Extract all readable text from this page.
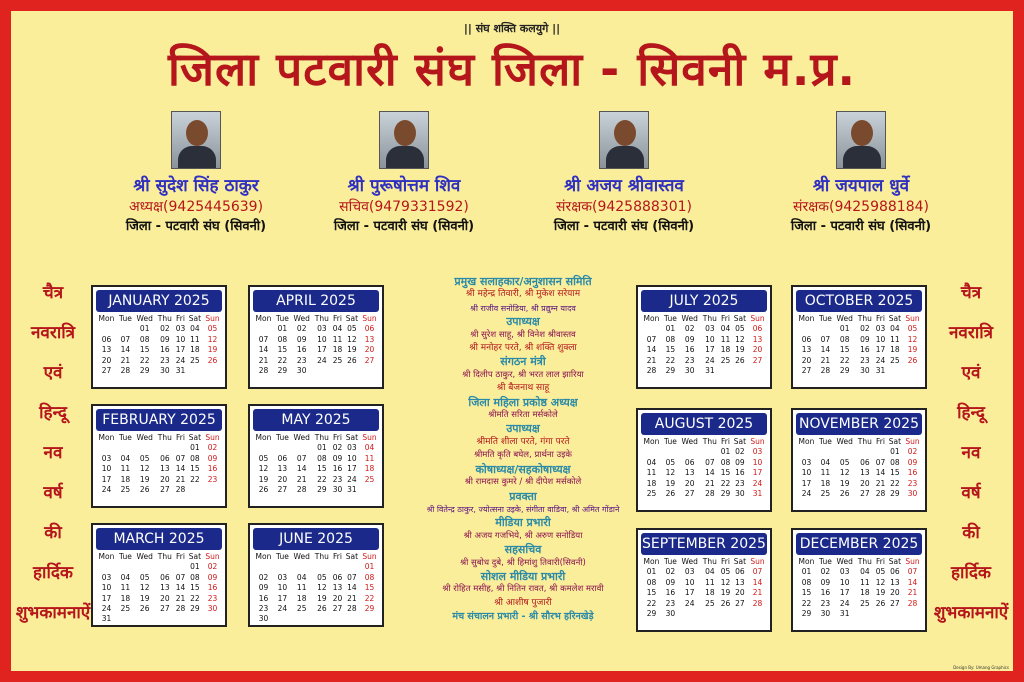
|| संघ शक्ति कलयुगे ||
जिला पटवारी संघ जिला - सिवनी म.प्र.
श्री सुदेश सिंह ठाकुर
अध्यक्ष(9425445639)
जिला - पटवारी संघ (सिवनी)
श्री पुरूषोत्तम शिव
सचिव(9479331592)
जिला - पटवारी संघ (सिवनी)
श्री अजय श्रीवास्तव
संरक्षक(9425888301)
जिला - पटवारी संघ (सिवनी)
श्री जयपाल धुर्वे
संरक्षक(9425988184)
जिला - पटवारी संघ (सिवनी)
चैत्र
नवरात्रि
एवं
हिन्दू
नव
वर्ष
की
हार्दिक
शुभकामनाऐं
चैत्र
नवरात्रि
एवं
हिन्दू
नव
वर्ष
की
हार्दिक
शुभकामनाऐं
JANUARY 2025
Mon	Tue	Wed	Thu	Fri	Sat	Sun
		01	02	03	04	05
06	07	08	09	10	11	12
13	14	15	16	17	18	19
20	21	22	23	24	25	26
27	28	29	30	31		
FEBRUARY 2025
Mon	Tue	Wed	Thu	Fri	Sat	Sun
					01	02
03	04	05	06	07	08	09
10	11	12	13	14	15	16
17	18	19	20	21	22	23
24	25	26	27	28		
MARCH 2025
Mon	Tue	Wed	Thu	Fri	Sat	Sun
					01	02
03	04	05	06	07	08	09
10	11	12	13	14	15	16
17	18	19	20	21	22	23
24	25	26	27	28	29	30
31						
APRIL 2025
Mon	Tue	Wed	Thu	Fri	Sat	Sun
	01	02	03	04	05	06
07	08	09	10	11	12	13
14	15	16	17	18	19	20
21	22	23	24	25	26	27
28	29	30				
MAY 2025
Mon	Tue	Wed	Thu	Fri	Sat	Sun
			01	02	03	04
05	06	07	08	09	10	11
12	13	14	15	16	17	18
19	20	21	22	23	24	25
26	27	28	29	30	31	
JUNE 2025
Mon	Tue	Wed	Thu	Fri	Sat	Sun
						01
02	03	04	05	06	07	08
09	10	11	12	13	14	15
16	17	18	19	20	21	22
23	24	25	26	27	28	29
30						
JULY 2025
Mon	Tue	Wed	Thu	Fri	Sat	Sun
	01	02	03	04	05	06
07	08	09	10	11	12	13
14	15	16	17	18	19	20
21	22	23	24	25	26	27
28	29	30	31			
AUGUST 2025
Mon	Tue	Wed	Thu	Fri	Sat	Sun
				01	02	03
04	05	06	07	08	09	10
11	12	13	14	15	16	17
18	19	20	21	22	23	24
25	26	27	28	29	30	31
SEPTEMBER 2025
Mon	Tue	Wed	Thu	Fri	Sat	Sun
01	02	03	04	05	06	07
08	09	10	11	12	13	14
15	16	17	18	19	20	21
22	23	24	25	26	27	28
29	30					
OCTOBER 2025
Mon	Tue	Wed	Thu	Fri	Sat	Sun
		01	02	03	04	05
06	07	08	09	10	11	12
13	14	15	16	17	18	19
20	21	22	23	24	25	26
27	28	29	30	31		
NOVEMBER 2025
Mon	Tue	Wed	Thu	Fri	Sat	Sun
					01	02
03	04	05	06	07	08	09
10	11	12	13	14	15	16
17	18	19	20	21	22	23
24	25	26	27	28	29	30
DECEMBER 2025
Mon	Tue	Wed	Thu	Fri	Sat	Sun
01	02	03	04	05	06	07
08	09	10	11	12	13	14
15	16	17	18	19	20	21
22	23	24	25	26	27	28
29	30	31				
प्रमुख सलाहकार/अनुशासन समिति
श्री महेन्द्र तिवारी, श्री मुकेश सरेयाम
श्री राजीव सनोडिया, श्री प्रद्युम्न यादव
उपाध्यक्ष
श्री सुरेश साहू, श्री विनेश श्रीवास्तव
श्री मनोहर परते, श्री शक्ति शुक्ला
संगठन मंत्री
श्री दिलीप ठाकुर, श्री भरत लाल झारिया
श्री बैजनाथ साहू
जिला महिला प्रकोष्ठ अध्यक्ष
श्रीमति सरिता मर्सकोले
उपाध्यक्ष
श्रीमति शीला परते, गंगा परते
श्रीमति कृति बघेल, प्रार्थना उइके
कोषाध्यक्ष/सहकोषाध्यक्ष
श्री रामदास कुमरे / श्री दीपेश मर्सकोले
प्रवक्ता
श्री वितेन्द्र ठाकुर, ज्योत्सना उइके, संगीता वाडिवा, श्री अमित गोंडाने
मीडिया प्रभारी
श्री अजय गजभिये, श्री अरुण सनोडिया
सहसचिव
श्री सुबोध दुबे, श्री हिमांशु तिवारी(सिवनी)
सोशल मीडिया प्रभारी
श्री रोहित मसीह, श्री नितिन रावत, श्री कमलेश मरावी
श्री आशीष पुजारी
मंच संचालन प्रभारी - श्री सौरभ हरिनखेड़े
Design By: Umang Graphics
